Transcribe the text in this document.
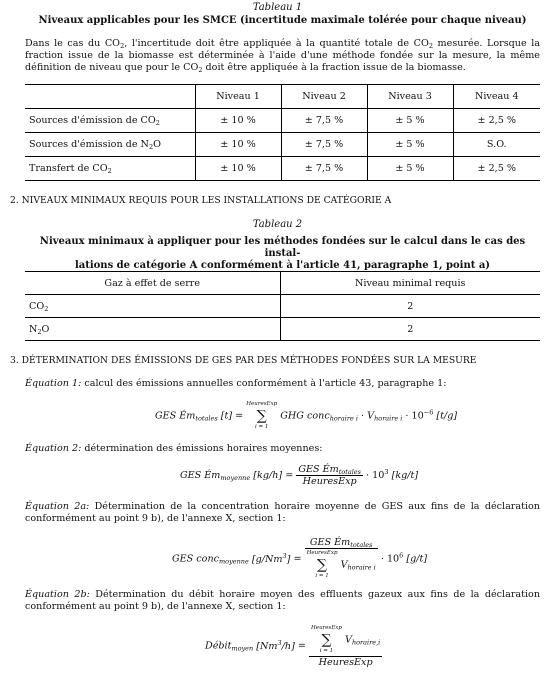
Tableau 1
Niveaux applicables pour les SMCE (incertitude maximale tolérée pour chaque niveau)

Dans le cas du $CO_2$, l'incertitude doit être appliquée à la quantité totale de $CO_2$ mesurée. Lorsque la fraction issue de la biomasse est déterminée à l'aide d'une méthode fondée sur la mesure, la même définition de niveau que pour le $CO_2$ doit être appliquée à la fraction issue de la biomasse.

	Niveau 1	Niveau 2	Niveau 3	Niveau 4
Sources d'émission de $CO_2$	± 10 %	± 7,5 %	± 5 %	± 2,5 %
Sources d'émission de $N_2O$	± 10 %	± 7,5 %	± 5 %	S.O.
Transfert de $CO_2$	± 10 %	± 7,5 %	± 5 %	± 2,5 %
2. NIVEAUX MINIMAUX REQUIS POUR LES INSTALLATIONS DE CATÉGORIE A
Tableau 2
Niveaux minimaux à appliquer pour les méthodes fondées sur le calcul dans le cas des instal-
lations de catégorie A conformément à l'article 41, paragraphe 1, point a)
Gaz à effet de serre	Niveau minimal requis
$CO_2$	2
$N_2O$	2
3. DÉTERMINATION DES ÉMISSIONS DE GES PAR DES MÉTHODES FONDÉES SUR LA MESURE
Équation 1: calcul des émissions annuelles conformément à l'article 43, paragraphe 1:
GES $Ém_{totales}$ [t] =
HeuresExp
∑
i = 1
GHG conc$_{horaire i}$ · $V_{horaire i} \cdot 10^{-6}$ [t/g]
Équation 2: détermination des émissions horaires moyennes:
GES $Ém_{moyenne}$ $[kg/h] = \frac{GES Ém_{totales}}{\text{HeuresExp}} \cdot 10^3$ [kg/t]

Équation 2a: Détermination de la concentration horaire moyenne de GES aux fins de la déclaration conformément au point 9 b), de l'annexe X, section 1:

GES conc$_{moyenne}$ $[g/Nm^3]$ = GES $Ém_{totales}$
HeuresExp
∑
i = 1
$V_{horaire i} \cdot 10^6$ [g/t]

Équation 2b: Détermination du débit horaire moyen des effluents gazeux aux fins de la déclaration conformément au point 9 b), de l'annexe X, section 1:

Débit$_{moyen}$ $[Nm^3/h]$ = HeuresExp
∑
i = 1
$V_{horaire,i}$
HeuresExp
